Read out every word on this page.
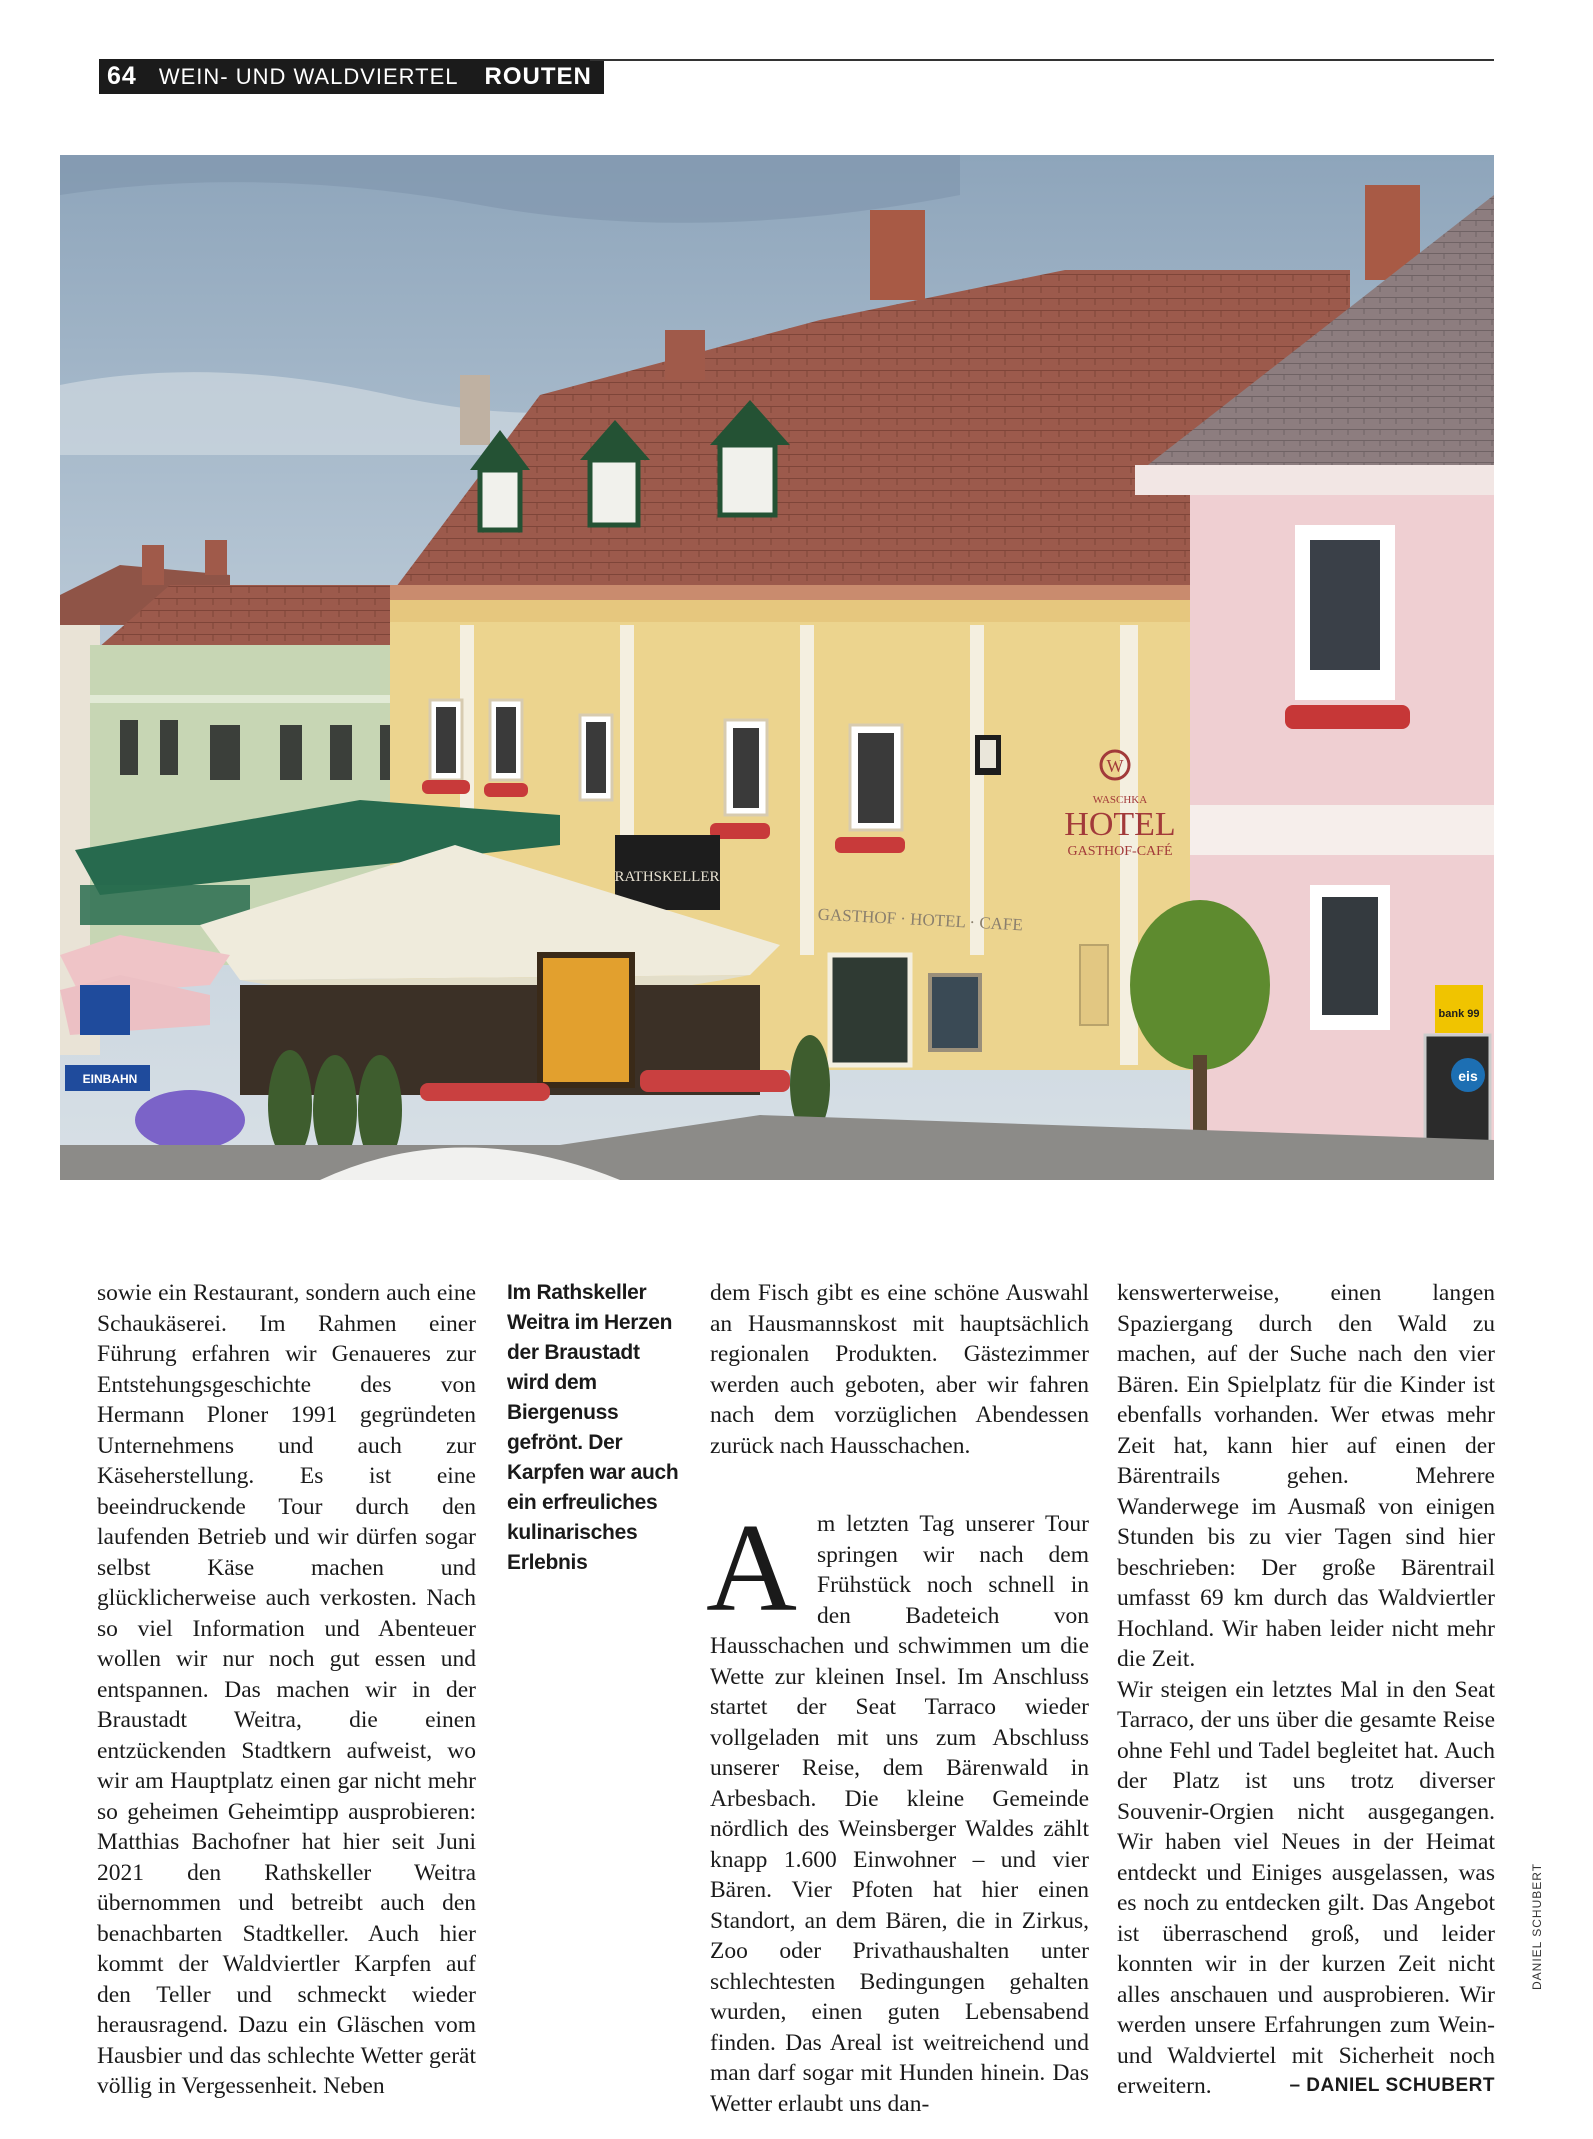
64 WEIN- UND WALDVIERTEL ROUTEN
W
WASCHKA
HOTEL
GASTHOF-CAFÉ
GASTHOF · HOTEL · CAFE
RATHSKELLER
bank 99
eis
EINBAHN

sowie ein Restaurant, sondern auch eine Schaukäserei. Im Rahmen einer Führung erfahren wir Genaueres zur Entstehungsgeschichte des von Hermann Ploner 1991 gegründeten Unternehmens und auch zur Käseherstellung. Es ist eine beeindruckende Tour durch den laufenden Betrieb und wir dürfen sogar selbst Käse machen und glücklicherweise auch verkosten. Nach so viel Information und Abenteuer wollen wir nur noch gut essen und entspannen. Das machen wir in der Braustadt Weitra, die einen entzückenden Stadtkern aufweist, wo wir am Hauptplatz einen gar nicht mehr so geheimen Geheimtipp ausprobieren: Matthias Bachofner hat hier seit Juni 2021 den Rathskeller Weitra übernommen und betreibt auch den benachbarten Stadtkeller. Auch hier kommt der Waldviertler Karpfen auf den Teller und schmeckt wieder herausragend. Dazu ein Gläschen vom Hausbier und das schlechte Wetter gerät völlig in Vergessenheit. Neben

Im Rathskeller Weitra im Herzen der Braustadt wird dem Biergenuss gefrönt. Der Karpfen war auch ein erfreuliches kulinarisches Erlebnis

dem Fisch gibt es eine schöne Auswahl an Hausmannskost mit hauptsächlich regionalen Produkten. Gästezimmer werden auch geboten, aber wir fahren nach dem vorzüglichen Abendessen zurück nach Hausschachen.

Am letzten Tag unserer Tour springen wir nach dem Frühstück noch schnell in den Badeteich von Hausschachen und schwimmen um die Wette zur kleinen Insel. Im Anschluss startet der Seat Tarraco wieder vollgeladen mit uns zum Abschluss unserer Reise, dem Bärenwald in Arbesbach. Die kleine Gemeinde nördlich des Weinsberger Waldes zählt knapp 1.600 Einwohner – und vier Bären. Vier Pfoten hat hier einen Standort, an dem Bären, die in Zirkus, Zoo oder Privathaushalten unter schlechtesten Bedingungen gehalten wurden, einen guten Lebensabend finden. Das Areal ist weitreichend und man darf sogar mit Hunden hinein. Das Wetter erlaubt uns dan-

kenswerterweise, einen langen Spaziergang durch den Wald zu machen, auf der Suche nach den vier Bären. Ein Spielplatz für die Kinder ist ebenfalls vorhanden. Wer etwas mehr Zeit hat, kann hier auf einen der Bärentrails gehen. Mehrere Wanderwege im Ausmaß von einigen Stunden bis zu vier Tagen sind hier beschrieben: Der große Bärentrail umfasst 69 km durch das Waldviertler Hochland. Wir haben leider nicht mehr die Zeit.

Wir steigen ein letztes Mal in den Seat Tarraco, der uns über die gesamte Reise ohne Fehl und Tadel begleitet hat. Auch der Platz ist uns trotz diverser Souvenir-Orgien nicht ausgegangen. Wir haben viel Neues in der Heimat entdeckt und Einiges ausgelassen, was es noch zu entdecken gilt. Das Angebot ist überraschend groß, und leider konnten wir in der kurzen Zeit nicht alles anschauen und ausprobieren. Wir werden unsere Erfahrungen zum Wein- und Waldviertel mit Sicherheit noch erweitern.	– DANIEL SCHUBERT

DANIEL SCHUBERT
